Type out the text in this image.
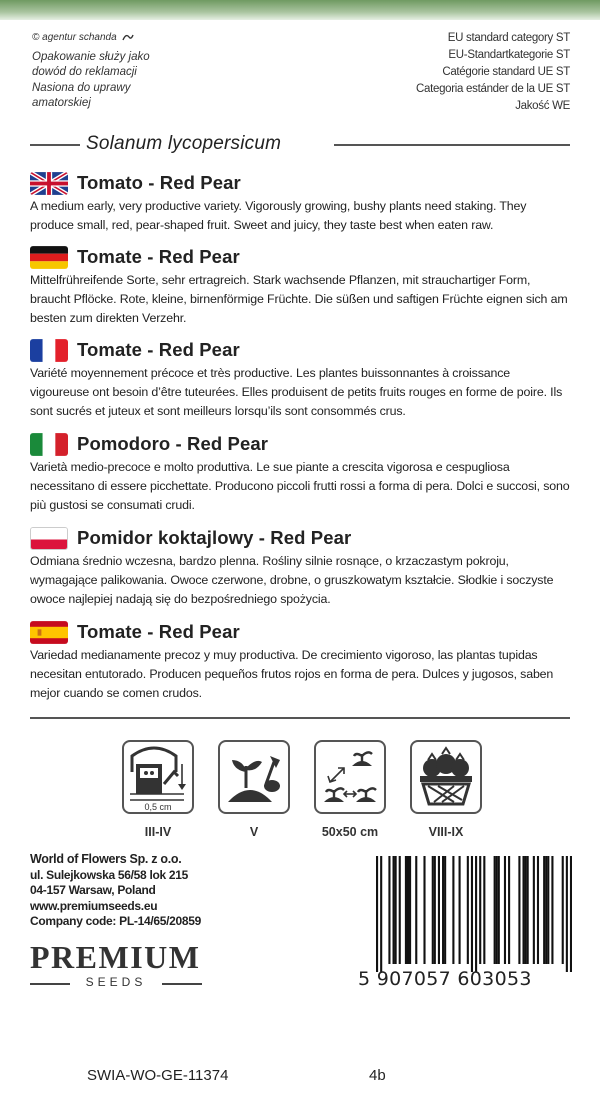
© agentur schanda
Opakowanie służy jako
dowód do reklamacji
Nasiona do uprawy
amatorskiej
EU standard category ST
EU-Standartkategorie ST
Catégorie standard UE ST
Categoria estánder de la UE ST
Jakość WE
Solanum lycopersicum
Tomato - Red Pear
A medium early, very productive variety. Vigorously growing, bushy plants need staking. They produce small, red, pear-shaped fruit. Sweet and juicy, they taste best when eaten raw.
Tomate - Red Pear
Mittelfrühreifende Sorte, sehr ertragreich. Stark wachsende Pflanzen, mit strauchartiger Form, braucht Pflöcke. Rote, kleine, birnenförmige Früchte. Die süßen und saftigen Früchte eignen sich am besten zum direkten Verzehr.
Tomate - Red Pear
Variété moyennement précoce et très productive. Les plantes buissonnantes à croissance vigoureuse ont besoin d’être tuteurées. Elles produisent de petits fruits rouges en forme de poire. Ils sont sucrés et juteux et sont meilleurs lorsqu’ils sont consommés crus.
Pomodoro - Red Pear
Varietà medio-precoce e molto produttiva. Le sue piante a crescita vigorosa e cespugliosa necessitano di essere picchettate. Producono piccoli frutti rossi a forma di pera. Dolci e succosi, sono più gustosi se consumati crudi.
Pomidor koktajlowy - Red Pear
Odmiana średnio wczesna, bardzo plenna. Rośliny silnie rosnące, o krzaczastym pokroju, wymagające palikowania. Owoce czerwone, drobne, o gruszkowatym kształcie. Słodkie i soczyste owoce najlepiej nadają się do bezpośredniego spożycia.
Tomate - Red Pear
Variedad medianamente precoz y muy productiva. De crecimiento vigoroso, las plantas tupidas necesitan entutorado. Producen pequeños frutos rojos en forma de pera. Dulces y jugosos, saben mejor cuando se comen crudos.
0,5 cm
III-IV	V	50x50 cm	VIII-IX
World of Flowers Sp. z o.o.
ul. Sulejkowska 56/58 lok 215
04-157 Warsaw, Poland
www.premiumseeds.eu
Company code: PL-14/65/20859
PREMIUM
SEEDS	5 907057 603053
SWIA-WO-GE-11374	4b
